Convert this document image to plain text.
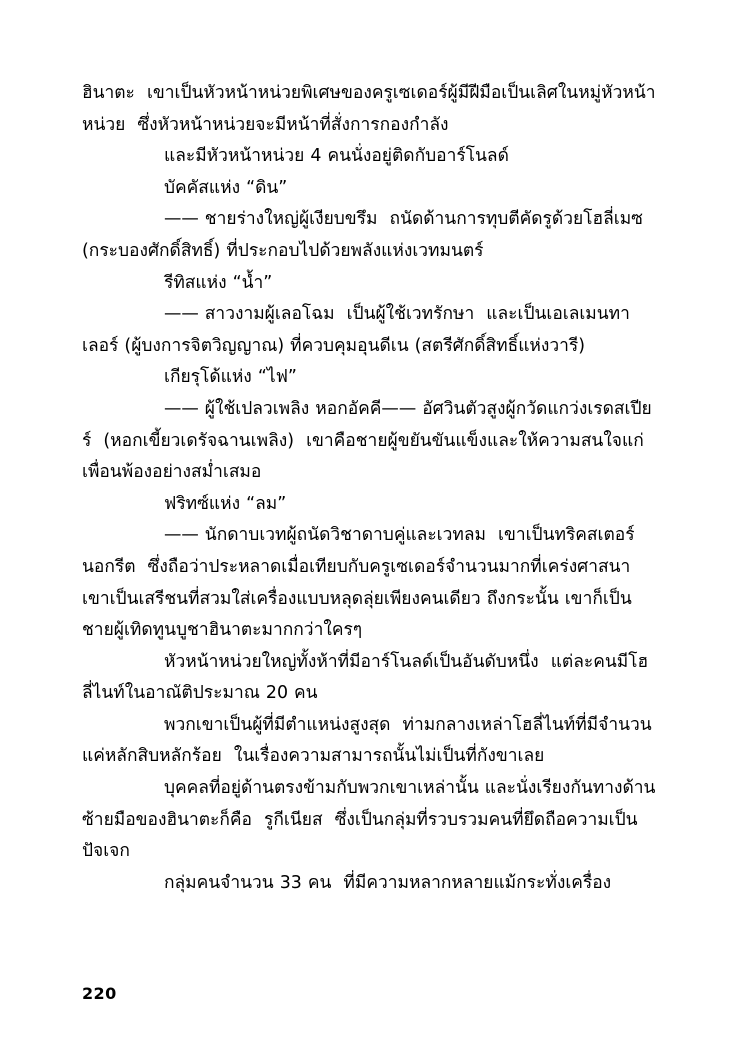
ฮินาตะ  เขาเป็นหัวหน้าหน่วยพิเศษของครูเซเดอร์ผู้มีฝีมือเป็นเลิศในหมู่หัวหน้าหน่วย  ซึ่งหัวหน้าหน่วยจะมีหน้าที่สั่งการกองกำลัง

และมีหัวหน้าหน่วย 4 คนนั่งอยู่ติดกับอาร์โนลด์

บัคคัสแห่ง “ดิน”

—— ชายร่างใหญ่ผู้เงียบขรึม  ถนัดด้านการทุบตีคัดรูด้วยโฮลี่เมซ (กระบองศักดิ์สิทธิ์) ที่ประกอบไปด้วยพลังแห่งเวทมนตร์

รีทิสแห่ง “น้ำ”

—— สาวงามผู้เลอโฉม  เป็นผู้ใช้เวทรักษา  และเป็นเอเลเมนทาเลอร์ (ผู้บงการจิตวิญญาณ) ที่ควบคุมอุนดีเน (สตรีศักดิ์สิทธิ์แห่งวารี)

เกียรุโด้แห่ง “ไฟ”

—— ผู้ใช้เปลวเพลิง หอกอัคคี—— อัศวินตัวสูงผู้กวัดแกว่งเรดสเปียร์  (หอกเขี้ยวเดรัจฉานเพลิง)  เขาคือชายผู้ขยันขันแข็งและให้ความสนใจแก่เพื่อนพ้องอย่างสม่ำเสมอ

ฟริทซ์แห่ง “ลม”

—— นักดาบเวทผู้ถนัดวิชาดาบคู่และเวทลม  เขาเป็นทริคสเตอร์นอกรีต  ซึ่งถือว่าประหลาดเมื่อเทียบกับครูเซเดอร์จำนวนมากที่เคร่งศาสนา  เขาเป็นเสรีชนที่สวมใส่เครื่องแบบหลุดลุ่ยเพียงคนเดียว ถึงกระนั้น เขาก็เป็นชายผู้เทิดทูนบูชาฮินาตะมากกว่าใครๆ

หัวหน้าหน่วยใหญ่ทั้งห้าที่มีอาร์โนลด์เป็นอันดับหนึ่ง  แต่ละคนมีโฮลี่ไนท์ในอาณัติประมาณ 20 คน

พวกเขาเป็นผู้ที่มีตำแหน่งสูงสุด  ท่ามกลางเหล่าโฮลี่ไนท์ที่มีจำนวนแค่หลักสิบหลักร้อย  ในเรื่องความสามารถนั้นไม่เป็นที่กังขาเลย

บุคคลที่อยู่ด้านตรงข้ามกับพวกเขาเหล่านั้น และนั่งเรียงกันทางด้านซ้ายมือของฮินาตะก็คือ  รูกีเนียส  ซึ่งเป็นกลุ่มที่รวบรวมคนที่ยึดถือความเป็นปัจเจก

กลุ่มคนจำนวน 33 คน  ที่มีความหลากหลายแม้กระทั่งเครื่อง

220
